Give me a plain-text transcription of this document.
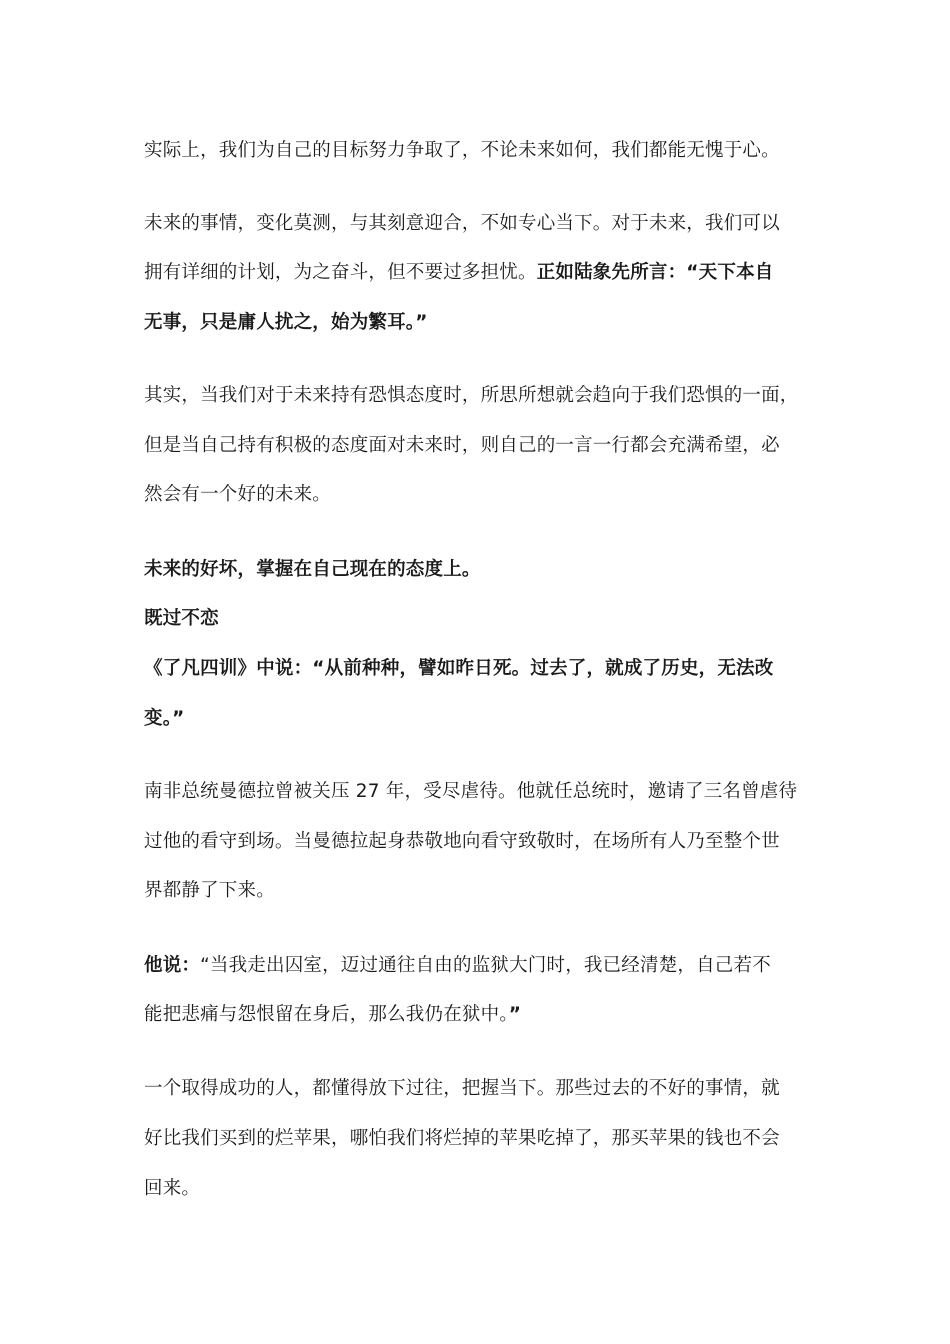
实际上，我们为自己的目标努力争取了，不论未来如何，我们都能无愧于心。
未来的事情，变化莫测，与其刻意迎合，不如专心当下。对于未来，我们可以
拥有详细的计划，为之奋斗，但不要过多担忧。正如陆象先所言：“天下本自
无事，只是庸人扰之，始为繁耳。”
其实，当我们对于未来持有恐惧态度时，所思所想就会趋向于我们恐惧的一面，
但是当自己持有积极的态度面对未来时，则自己的一言一行都会充满希望，必
然会有一个好的未来。
未来的好坏，掌握在自己现在的态度上。
既过不恋
《了凡四训》中说：“从前种种，譬如昨日死。过去了，就成了历史，无法改
变。”
南非总统曼德拉曾被关压 27 年，受尽虐待。他就任总统时，邀请了三名曾虐待
过他的看守到场。当曼德拉起身恭敬地向看守致敬时，在场所有人乃至整个世
界都静了下来。
他说：“当我走出囚室，迈过通往自由的监狱大门时，我已经清楚，自己若不
能把悲痛与怨恨留在身后，那么我仍在狱中。”
一个取得成功的人，都懂得放下过往，把握当下。那些过去的不好的事情，就
好比我们买到的烂苹果，哪怕我们将烂掉的苹果吃掉了，那买苹果的钱也不会
回来。
